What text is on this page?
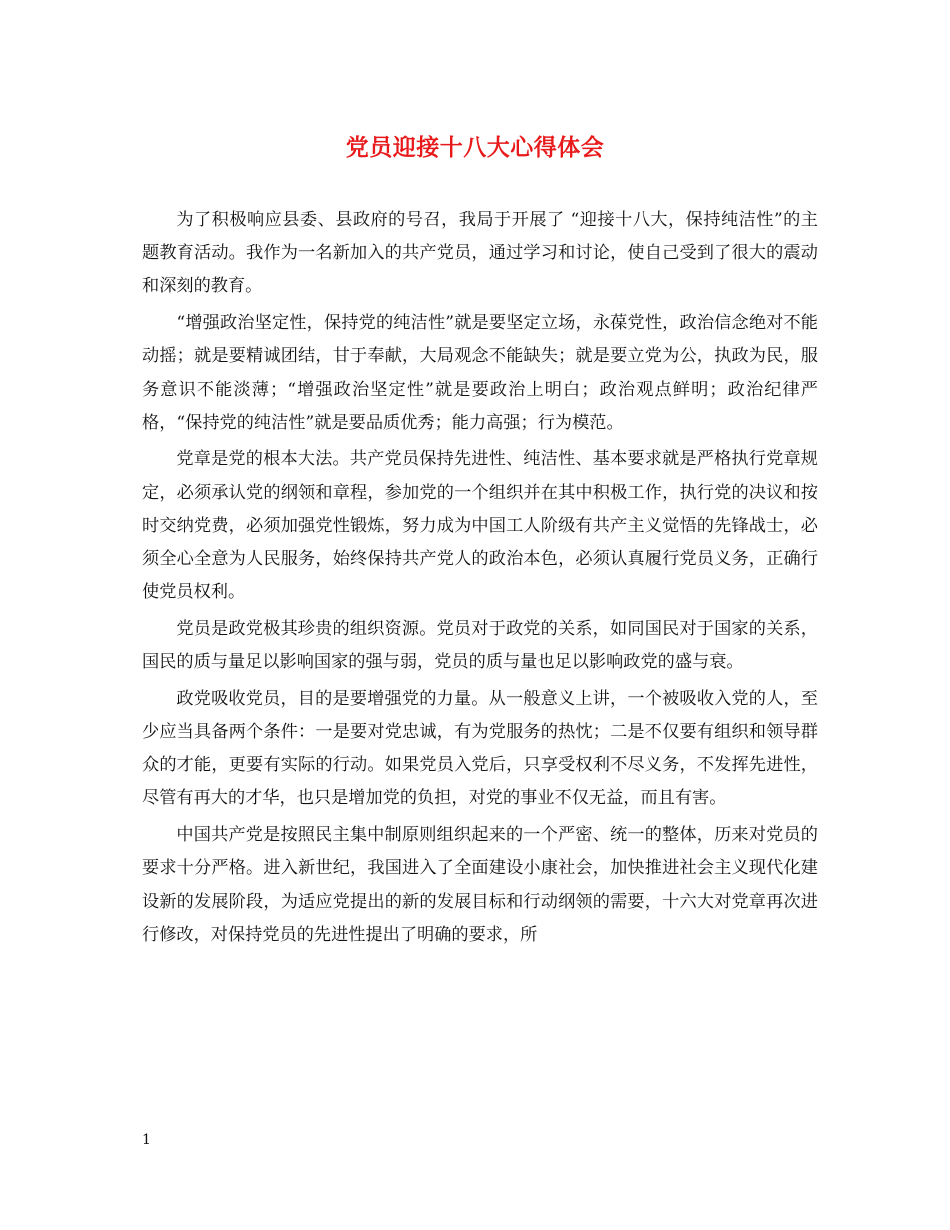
党员迎接十八大心得体会

为了积极响应县委、县政府的号召，我局于开展了 “迎接十八大，保持纯洁性”的主题教育活动。我作为一名新加入的共产党员，通过学习和讨论，使自己受到了很大的震动和深刻的教育。

“增强政治坚定性，保持党的纯洁性”就是要坚定立场，永葆党性，政治信念绝对不能动摇；就是要精诚团结，甘于奉献，大局观念不能缺失；就是要立党为公，执政为民，服务意识不能淡薄；“增强政治坚定性”就是要政治上明白；政治观点鲜明；政治纪律严格，“保持党的纯洁性”就是要品质优秀；能力高强；行为模范。

党章是党的根本大法。共产党员保持先进性、纯洁性、基本要求就是严格执行党章规定，必须承认党的纲领和章程，参加党的一个组织并在其中积极工作，执行党的决议和按时交纳党费，必须加强党性锻炼，努力成为中国工人阶级有共产主义觉悟的先锋战士，必须全心全意为人民服务，始终保持共产党人的政治本色，必须认真履行党员义务，正确行使党员权利。

党员是政党极其珍贵的组织资源。党员对于政党的关系，如同国民对于国家的关系，国民的质与量足以影响国家的强与弱，党员的质与量也足以影响政党的盛与衰。

政党吸收党员，目的是要增强党的力量。从一般意义上讲，一个被吸收入党的人，至少应当具备两个条件：一是要对党忠诚，有为党服务的热忱；二是不仅要有组织和领导群众的才能，更要有实际的行动。如果党员入党后，只享受权利不尽义务，不发挥先进性，尽管有再大的才华，也只是增加党的负担，对党的事业不仅无益，而且有害。

中国共产党是按照民主集中制原则组织起来的一个严密、统一的整体，历来对党员的要求十分严格。进入新世纪，我国进入了全面建设小康社会，加快推进社会主义现代化建设新的发展阶段，为适应党提出的新的发展目标和行动纲领的需要，十六大对党章再次进行修改，对保持党员的先进性提出了明确的要求，所

1
